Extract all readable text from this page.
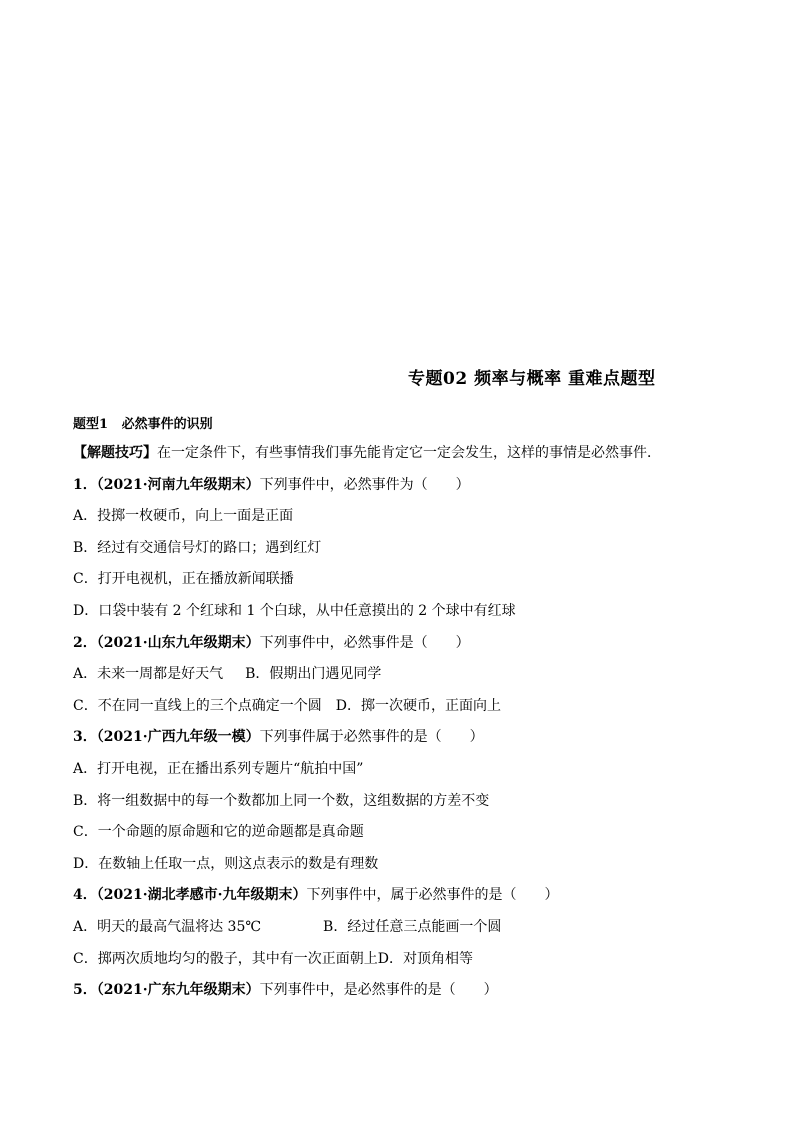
专题02 频率与概率 重难点题型
题型1 必然事件的识别
【解题技巧】在一定条件下，有些事情我们事先能肯定它一定会发生，这样的事情是必然事件．
1．（2021·河南九年级期末）下列事件中，必然事件为（　　）
A．投掷一枚硬币，向上一面是正面
B．经过有交通信号灯的路口；遇到红灯
C．打开电视机，正在播放新闻联播
D．口袋中装有 2 个红球和 1 个白球，从中任意摸出的 2 个球中有红球
2．（2021·山东九年级期末）下列事件中，必然事件是（　　）
A．未来一周都是好天气 B．假期出门遇见同学
C．不在同一直线上的三个点确定一个圆 D．掷一次硬币，正面向上
3．（2021·广西九年级一模）下列事件属于必然事件的是（　　）
A．打开电视，正在播出系列专题片“航拍中国”
B．将一组数据中的每一个数都加上同一个数，这组数据的方差不变
C．一个命题的原命题和它的逆命题都是真命题
D．在数轴上任取一点，则这点表示的数是有理数
4．（2021·湖北孝感市·九年级期末）下列事件中，属于必然事件的是（　　）
A．明天的最高气温将达 35℃	B．经过任意三点能画一个圆
C．掷两次质地均匀的骰子，其中有一次正面朝上D．对顶角相等
5．（2021·广东九年级期末）下列事件中，是必然事件的是（　　）
